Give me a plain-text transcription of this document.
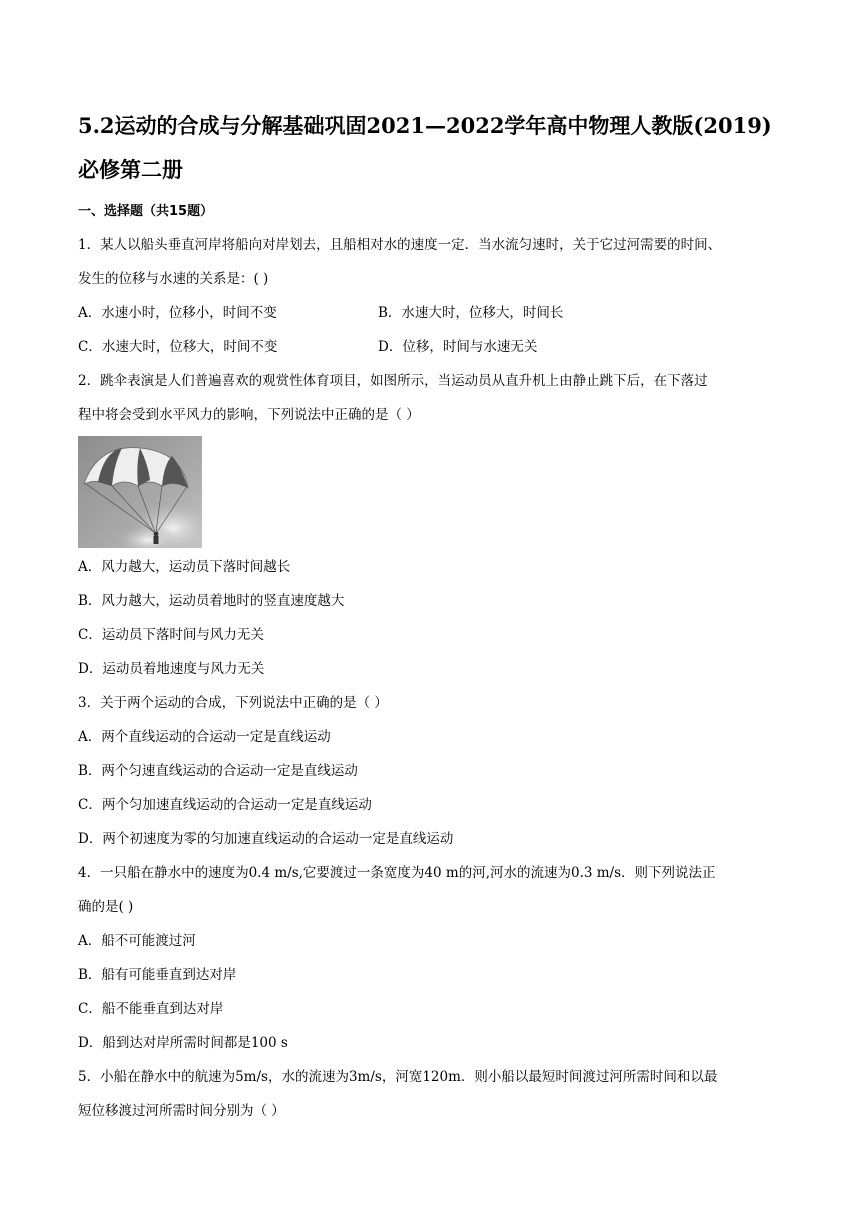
5.2运动的合成与分解基础巩固2021—2022学年高中物理人教版(2019)
必修第二册
一、选择题（共15题）
1．某人以船头垂直河岸将船向对岸划去，且船相对水的速度一定．当水流匀速时，关于它过河需要的时间、
发生的位移与水速的关系是：( )
A．水速小时，位移小，时间不变	B．水速大时，位移大，时间长
C．水速大时，位移大，时间不变	D．位移，时间与水速无关
2．跳伞表演是人们普遍喜欢的观赏性体育项目，如图所示，当运动员从直升机上由静止跳下后，在下落过
程中将会受到水平风力的影响，下列说法中正确的是（ ）
A．风力越大，运动员下落时间越长
B．风力越大，运动员着地时的竖直速度越大
C．运动员下落时间与风力无关
D．运动员着地速度与风力无关
3．关于两个运动的合成，下列说法中正确的是（ ）
A．两个直线运动的合运动一定是直线运动
B．两个匀速直线运动的合运动一定是直线运动
C．两个匀加速直线运动的合运动一定是直线运动
D．两个初速度为零的匀加速直线运动的合运动一定是直线运动
4．一只船在静水中的速度为0.4 m/s,它要渡过一条宽度为40 m的河,河水的流速为0.3 m/s．则下列说法正
确的是( )
A．船不可能渡过河
B．船有可能垂直到达对岸
C．船不能垂直到达对岸
D．船到达对岸所需时间都是100 s
5．小船在静水中的航速为5m/s，水的流速为3m/s，河宽120m．则小船以最短时间渡过河所需时间和以最
短位移渡过河所需时间分别为（ ）
